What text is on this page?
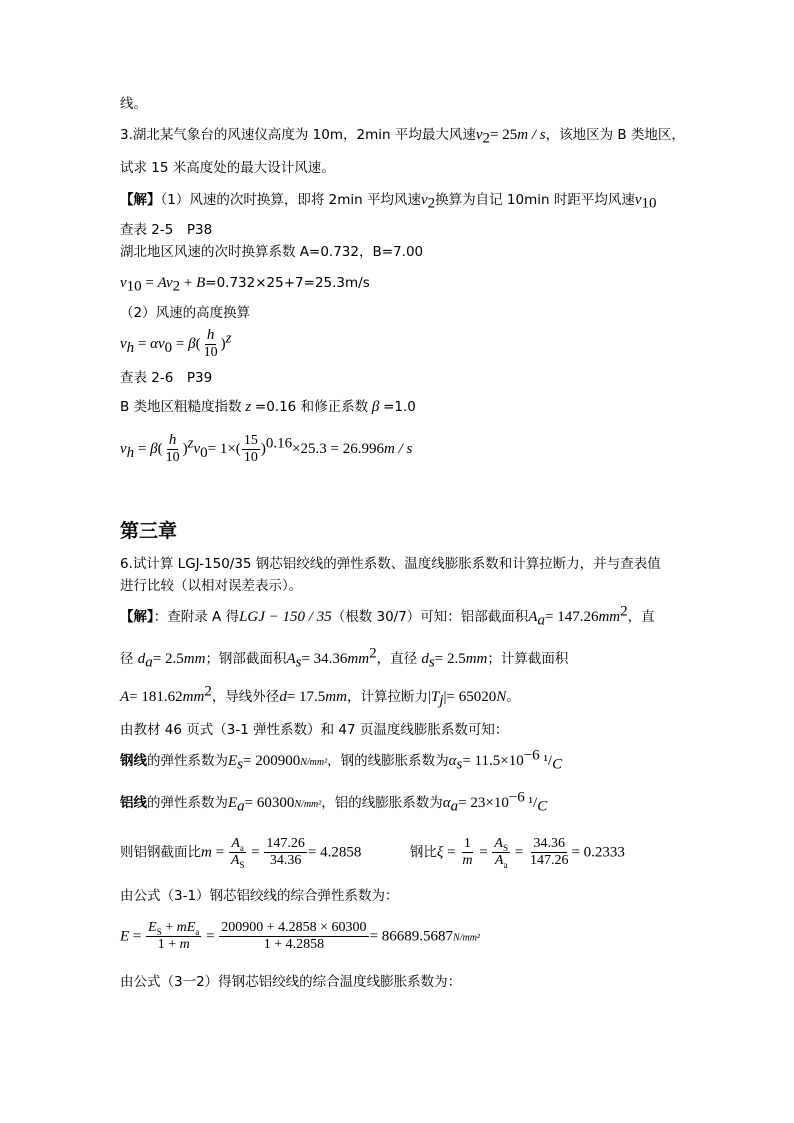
线。
3.湖北某气象台的风速仪高度为 10m，2min 平均最大风速$v_2= 25m / s$，该地区为 B 类地区，
试求 15 米高度处的最大设计风速。
【解】（1）风速的次时换算，即将 2min 平均风速$v_2$换算为自记 10min 时距平均风速$v_{10}$
查表 2-5　P38
湖北地区风速的次时换算系数 A=0.732，B=7.00
$v_{10} = Av_2 + B=0.732\times 25+7=25.3m/s$
（2）风速的高度换算
$v_h = \alpha v_0 = \beta( \frac{h}{10} )^z$
查表 2-6　P39
B 类地区粗糙度指数 z =0.16 和修正系数 β =1.0
$v_h = \beta( \frac{h}{10} )^zv_0= 1\times( \frac{15}{10} )^{0.16}\times 25.3 = 26.996m / s$
第三章
6.试计算 LGJ-150/35 钢芯铝绞线的弹性系数、温度线膨胀系数和计算拉断力，并与查表值
进行比较（以相对误差表示）。
【解】：查附录 A 得LGJ − 150 / 35（根数 30/7）可知：铝部截面积$A_a= 147.26mm^2$，直
径 $d_a= 2.5mm$；钢部截面积$A_s= 34.36mm^2$，直径 $d_s= 2.5mm$；计算截面积
$A= 181.62mm^2$，导线外径d= 17.5mm，计算拉断力$|T_j|= 65020N$。
由教材 46 页式（3-1 弹性系数）和 47 页温度线膨胀系数可知：
钢线的弹性系数为$E_s= 200900N/mm^2$，钢的线膨胀系数为$\alpha_s= 11.5\times 10^{-6}$ $^1/_C$
铝线的弹性系数为$E_a= 60300N/mm^2$，铝的线膨胀系数为$\alpha_a= 23\times 10^{-6}$ $^1/_C$
则铝钢截面比$m = \frac{A_a}{A_S} = \frac{147.26}{34.36} = 4.2858$	钢比$\xi = \frac{1}{m} = \frac{A_S}{A_a} = \frac{34.36}{147.26} = 0.2333$
由公式（3-1）钢芯铝绞线的综合弹性系数为：
$E = \frac{E_S + mE_a}{1 + m} = \frac{200900 + 4.2858 \times 60300}{1 + 4.2858} = 86689.5687N/mm^2$
由公式（3一2）得钢芯铝绞线的综合温度线膨胀系数为：
